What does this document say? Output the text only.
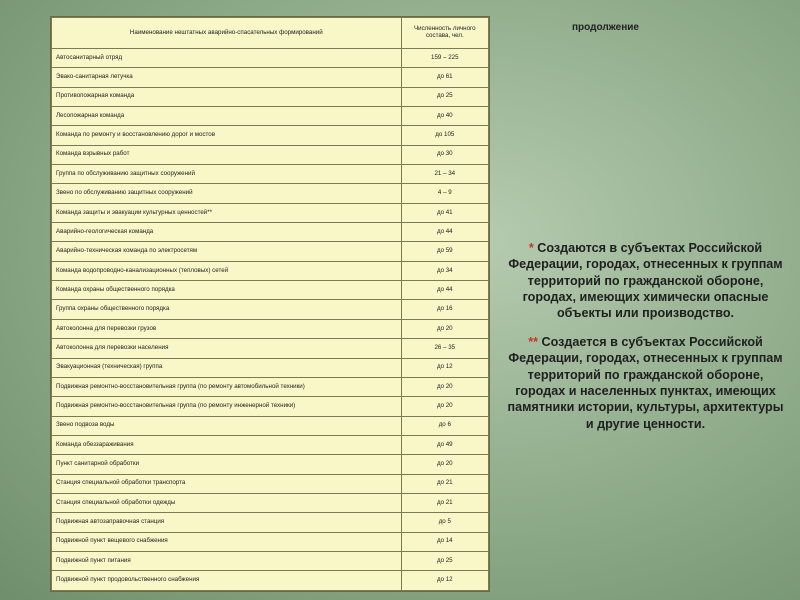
Наименование нештатных аварийно-спасательных формирований	Численность личного состава, чел.
Автосанитарный отряд	159 – 225
Эвако-санитарная летучка	до 61
Противопожарная команда	до 25
Лесопожарная команда	до 40
Команда по ремонту и восстановлению дорог и мостов	до 105
Команда взрывных работ	до 30
Группа по обслуживанию защитных сооружений	21 – 34
Звено по обслуживанию защитных сооружений	4 – 9
Команда защиты и эвакуации культурных ценностей**	до 41
Аварийно-геологическая команда	до 44
Аварийно-техническая команда по электросетям	до 59
Команда водопроводно-канализационных (тепловых) сетей	до 34
Команда охраны общественного порядка	до 44
Группа охраны общественного порядка	до 16
Автоколонна для перевозки грузов	до 20
Автоколонна для перевозки населения	26 – 35
Эвакуационная (техническая) группа	до 12
Подвижная ремонтно-восстановительная группа (по ремонту автомобильной техники)	до 20
Подвижная ремонтно-восстановительная группа (по ремонту инженерной техники)	до 20
Звено подвоза воды	до 6
Команда обеззараживания	до 49
Пункт санитарной обработки	до 20
Станция специальной обработки транспорта	до 21
Станция специальной обработки одежды	до 21
Подвижная автозаправочная станция	до 5
Подвижной пункт вещевого снабжения	до 14
Подвижной пункт питания	до 25
Подвижной пункт продовольственного снабжения	до 12
продолжение

* Создаются в субъектах Российской Федерации, городах, отнесенных к группам территорий по гражданской обороне, городах, имеющих химически опасные объекты или производство.

** Создается в субъектах Российской Федерации, городах, отнесенных к группам территорий по гражданской обороне, городах и населенных пунктах, имеющих памятники истории, культуры, архитектуры и другие ценности.
